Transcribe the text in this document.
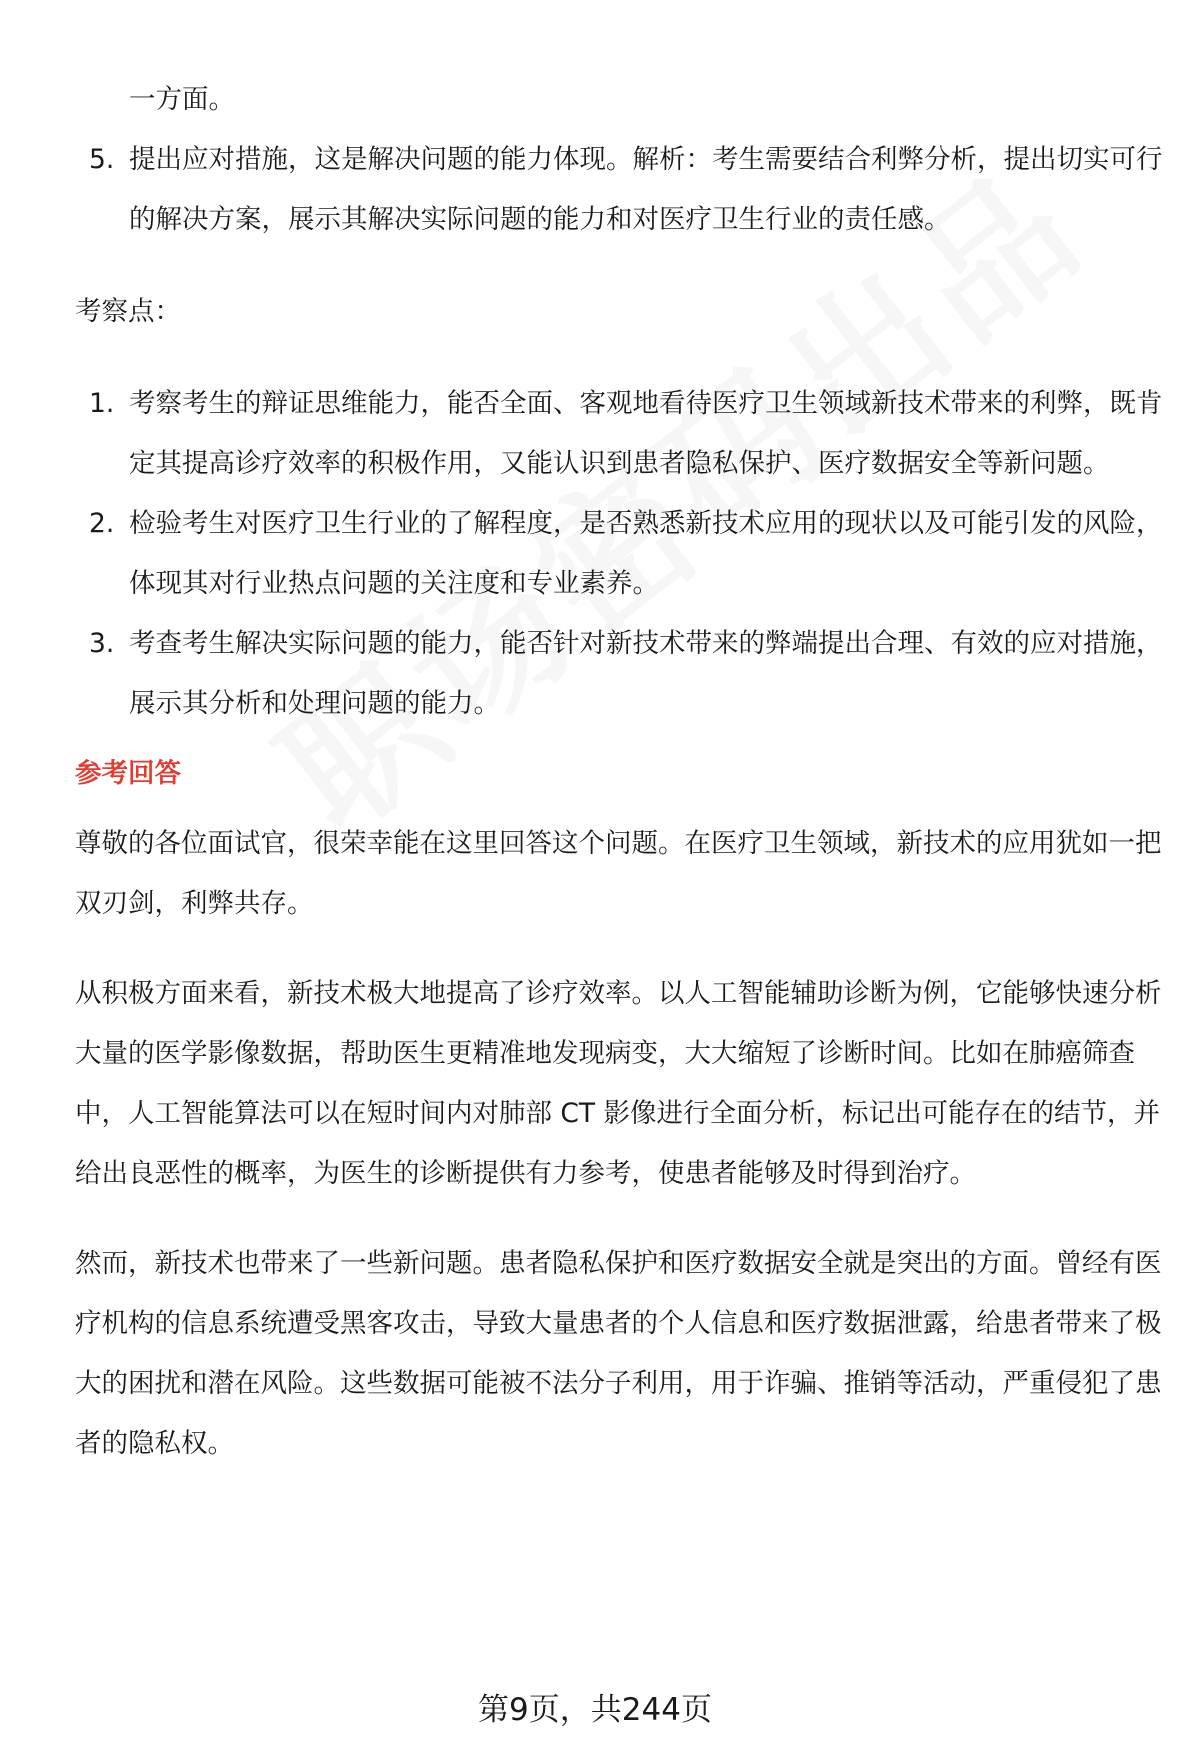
一方面。
5. 提出应对措施，这是解决问题的能力体现。解析：考生需要结合利弊分析，提出切实可行的解决方案，展示其解决实际问题的能力和对医疗卫生行业的责任感。

考察点：

1. 考察考生的辩证思维能力，能否全面、客观地看待医疗卫生领域新技术带来的利弊，既肯定其提高诊疗效率的积极作用，又能认识到患者隐私保护、医疗数据安全等新问题。
2. 检验考生对医疗卫生行业的了解程度，是否熟悉新技术应用的现状以及可能引发的风险，体现其对行业热点问题的关注度和专业素养。
3. 考查考生解决实际问题的能力，能否针对新技术带来的弊端提出合理、有效的应对措施，展示其分析和处理问题的能力。

参考回答

尊敬的各位面试官，很荣幸能在这里回答这个问题。在医疗卫生领域，新技术的应用犹如一把双刃剑，利弊共存。

从积极方面来看，新技术极大地提高了诊疗效率。以人工智能辅助诊断为例，它能够快速分析大量的医学影像数据，帮助医生更精准地发现病变，大大缩短了诊断时间。比如在肺癌筛查中，人工智能算法可以在短时间内对肺部 CT 影像进行全面分析，标记出可能存在的结节，并给出良恶性的概率，为医生的诊断提供有力参考，使患者能够及时得到治疗。

然而，新技术也带来了一些新问题。患者隐私保护和医疗数据安全就是突出的方面。曾经有医疗机构的信息系统遭受黑客攻击，导致大量患者的个人信息和医疗数据泄露，给患者带来了极大的困扰和潜在风险。这些数据可能被不法分子利用，用于诈骗、推销等活动，严重侵犯了患者的隐私权。

第9页，共244页
